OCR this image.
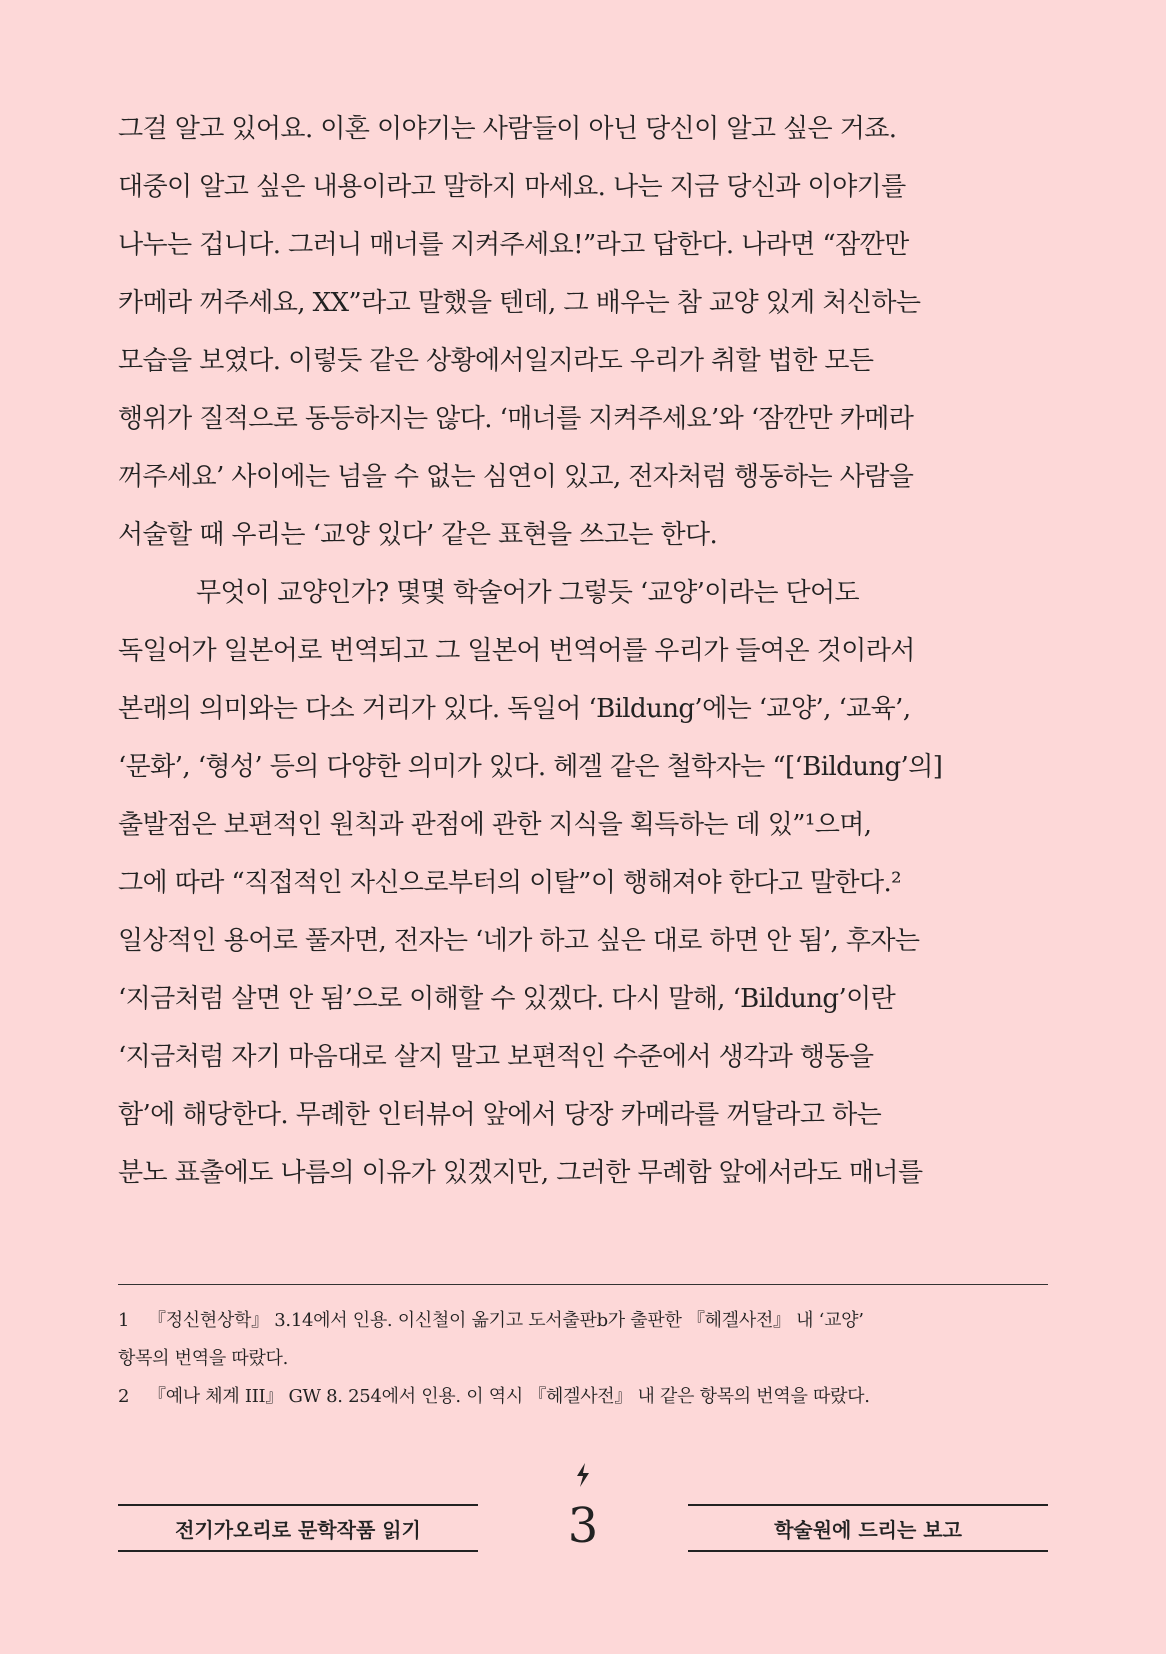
그걸 알고 있어요. 이혼 이야기는 사람들이 아닌 당신이 알고 싶은 거죠.
대중이 알고 싶은 내용이라고 말하지 마세요. 나는 지금 당신과 이야기를
나누는 겁니다. 그러니 매너를 지켜주세요!”라고 답한다. 나라면 “잠깐만
카메라 꺼주세요, XX”라고 말했을 텐데, 그 배우는 참 교양 있게 처신하는
모습을 보였다. 이렇듯 같은 상황에서일지라도 우리가 취할 법한 모든
행위가 질적으로 동등하지는 않다. ‘매너를 지켜주세요’와 ‘잠깐만 카메라
꺼주세요’ 사이에는 넘을 수 없는 심연이 있고, 전자처럼 행동하는 사람을
서술할 때 우리는 ‘교양 있다’ 같은 표현을 쓰고는 한다.
무엇이 교양인가? 몇몇 학술어가 그렇듯 ‘교양’이라는 단어도
독일어가 일본어로 번역되고 그 일본어 번역어를 우리가 들여온 것이라서
본래의 의미와는 다소 거리가 있다. 독일어 ‘Bildung’에는 ‘교양’, ‘교육’,
‘문화’, ‘형성’ 등의 다양한 의미가 있다. 헤겔 같은 철학자는 “[‘Bildung’의]
출발점은 보편적인 원칙과 관점에 관한 지식을 획득하는 데 있”¹으며,
그에 따라 “직접적인 자신으로부터의 이탈”이 행해져야 한다고 말한다.²
일상적인 용어로 풀자면, 전자는 ‘네가 하고 싶은 대로 하면 안 됨’, 후자는
‘지금처럼 살면 안 됨’으로 이해할 수 있겠다. 다시 말해, ‘Bildung’이란
‘지금처럼 자기 마음대로 살지 말고 보편적인 수준에서 생각과 행동을
함’에 해당한다. 무례한 인터뷰어 앞에서 당장 카메라를 꺼달라고 하는
분노 표출에도 나름의 이유가 있겠지만, 그러한 무례함 앞에서라도 매너를
1 『정신현상학』 3.14에서 인용. 이신철이 옮기고 도서출판b가 출판한 『헤겔사전』 내 ‘교양’
항목의 번역을 따랐다.
2 『예나 체계 III』 GW 8. 254에서 인용. 이 역시 『헤겔사전』 내 같은 항목의 번역을 따랐다.
전기가오리로 문학작품 읽기	3	학술원에 드리는 보고
